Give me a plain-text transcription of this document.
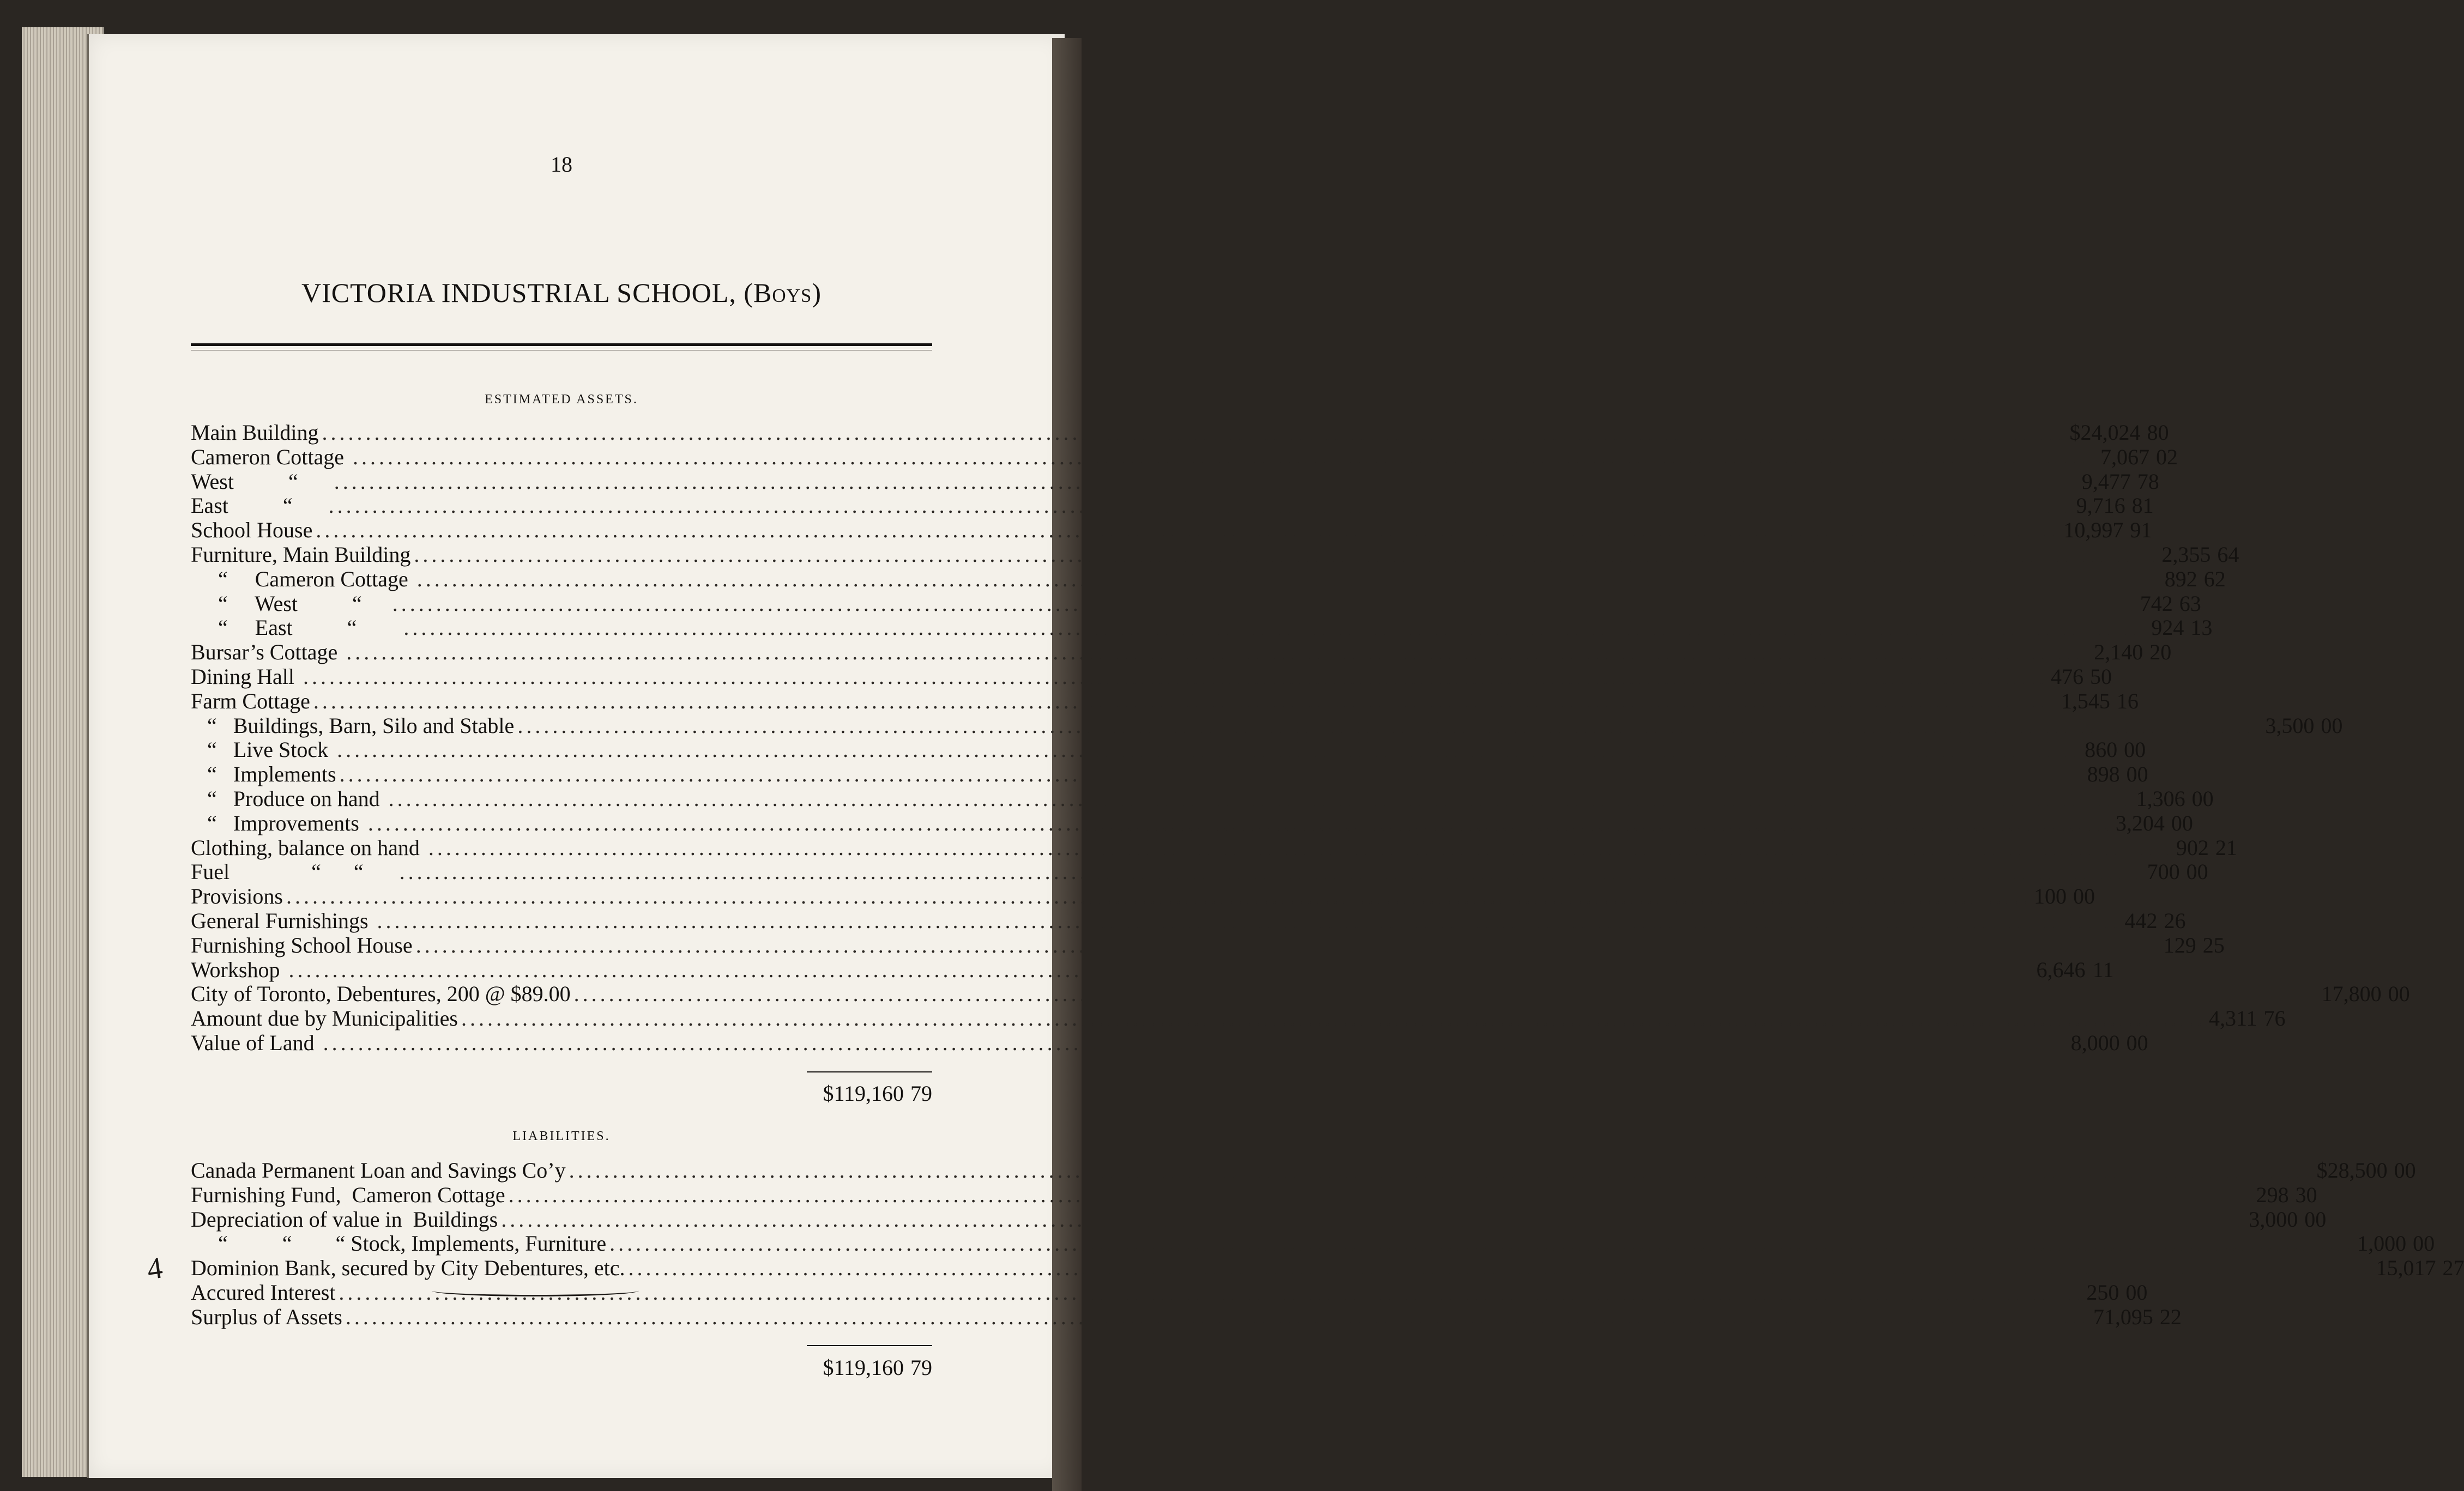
4
18
VICTORIA INDUSTRIAL SCHOOL, (Boys)
ESTIMATED ASSETS.
Main Building ........................................................................................................................................................................................................ $24,024 80
Cameron Cottage ........................................................................................................................................................................................................ 7,067 02
West          “ ........................................................................................................................................................................................................ 9,477 78
East          “ ........................................................................................................................................................................................................ 9,716 81
School House ........................................................................................................................................................................................................ 10,997 91
Furniture, Main Building ........................................................................................................................................................................................................ 2,355 64
“     Cameron Cottage ........................................................................................................................................................................................................ 892 62
“     West          “ ........................................................................................................................................................................................................ 742 63
“     East          “ ........................................................................................................................................................................................................ 924 13
Bursar’s Cottage ........................................................................................................................................................................................................ 2,140 20
Dining Hall ........................................................................................................................................................................................................ 476 50
Farm Cottage ........................................................................................................................................................................................................ 1,545 16
“   Buildings, Barn, Silo and Stable ........................................................................................................................................................................................................ 3,500 00
“   Live Stock ........................................................................................................................................................................................................ 860 00
“   Implements ........................................................................................................................................................................................................ 898 00
“   Produce on hand ........................................................................................................................................................................................................ 1,306 00
“   Improvements ........................................................................................................................................................................................................ 3,204 00
Clothing, balance on hand ........................................................................................................................................................................................................ 902 21
Fuel               “      “ ........................................................................................................................................................................................................ 700 00
Provisions ........................................................................................................................................................................................................ 100 00
General Furnishings ........................................................................................................................................................................................................ 442 26
Furnishing School House ........................................................................................................................................................................................................ 129 25
Workshop ........................................................................................................................................................................................................ 6,646 11
City of Toronto, Debentures, 200 @ $89.00 ........................................................................................................................................................................................................ 17,800 00
Amount due by Municipalities ........................................................................................................................................................................................................ 4,311 76
Value of Land ........................................................................................................................................................................................................ 8,000 00
$119,160 79
LIABILITIES.
Canada Permanent Loan and Savings Co’y ........................................................................................................................................................................................................ $28,500 00
Furnishing Fund,  Cameron Cottage ........................................................................................................................................................................................................ 298 30
Depreciation of value in  Buildings ........................................................................................................................................................................................................ 3,000 00
“          “        “ Stock, Implements, Furniture ........................................................................................................................................................................................................ 1,000 00
Dominion Bank, secured by City Debentures, etc. ........................................................................................................................................................................................................ 15,017 27
Accured Interest ........................................................................................................................................................................................................ 250 00
Surplus of Assets ........................................................................................................................................................................................................ 71,095 22
$119,160 79
